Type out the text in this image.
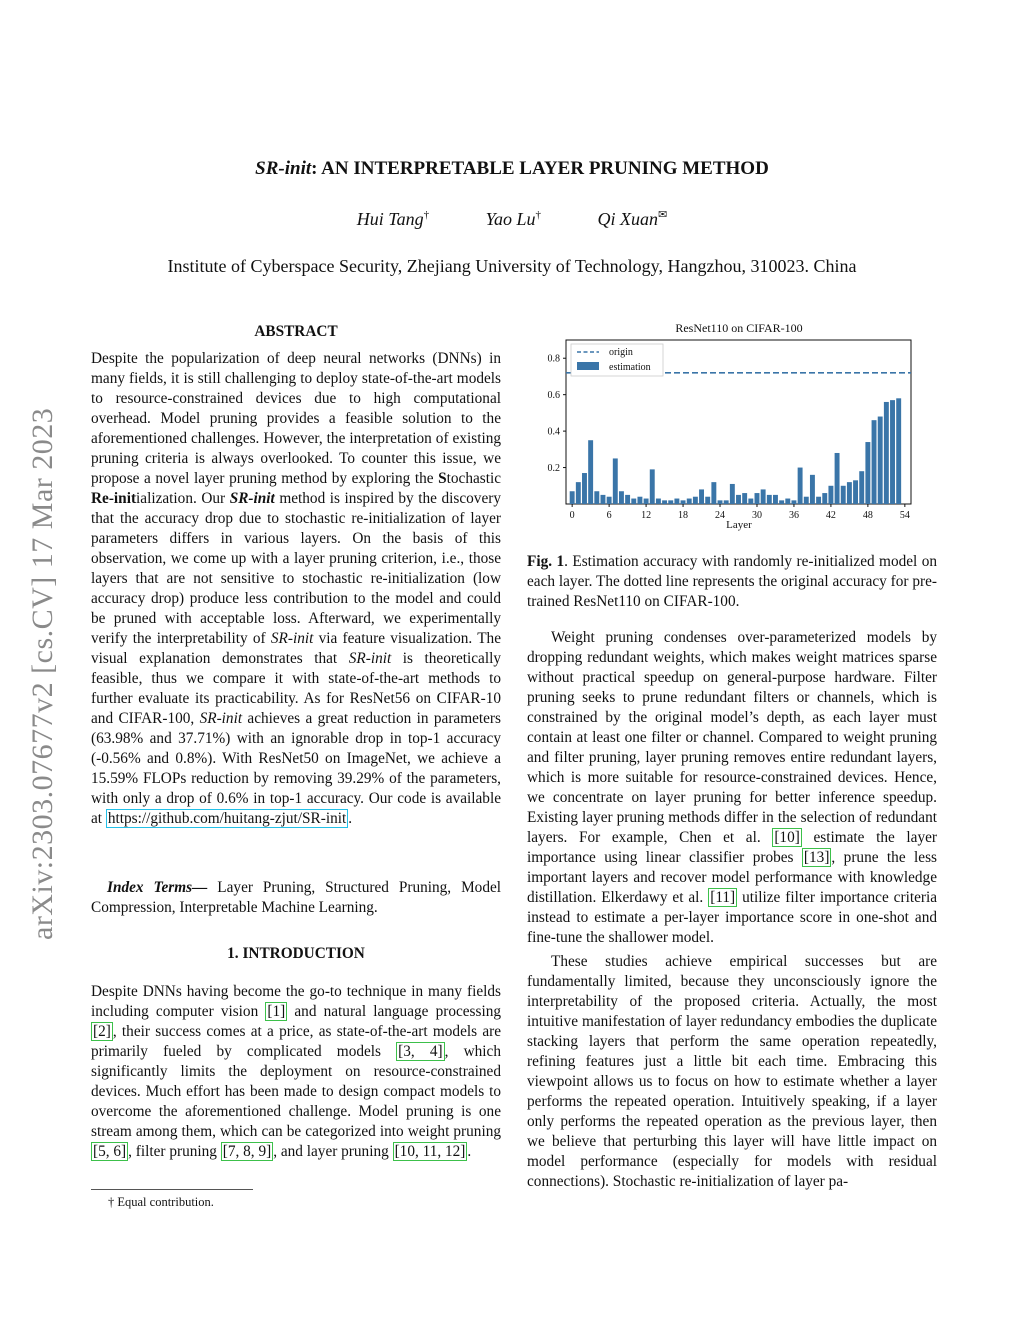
arXiv:2303.07677v2 [cs.CV] 17 Mar 2023
SR-init: AN INTERPRETABLE LAYER PRUNING METHOD
Hui Tang†	Yao Lu†	Qi Xuan✉
Institute of Cyberspace Security, Zhejiang University of Technology, Hangzhou, 310023. China
ABSTRACT

Despite the popularization of deep neural networks (DNNs) in many fields, it is still challenging to deploy state-of-the-art models to resource-constrained devices due to high computational overhead. Model pruning provides a feasible solution to the aforementioned challenges. However, the interpretation of existing pruning criteria is always overlooked. To counter this issue, we propose a novel layer pruning method by exploring the Stochastic Re-initialization. Our SR-init method is inspired by the discovery that the accuracy drop due to stochastic re-initialization of layer parameters differs in various layers. On the basis of this observation, we come up with a layer pruning criterion, i.e., those layers that are not sensitive to stochastic re-initialization (low accuracy drop) produce less contribution to the model and could be pruned with acceptable loss. Afterward, we experimentally verify the interpretability of SR-init via feature visualization. The visual explanation demonstrates that SR-init is theoretically feasible, thus we compare it with state-of-the-art methods to further evaluate its practicability. As for ResNet56 on CIFAR-10 and CIFAR-100, SR-init achieves a great reduction in parameters (63.98% and 37.71%) with an ignorable drop in top-1 accuracy (-0.56% and 0.8%). With ResNet50 on ImageNet, we achieve a 15.59% FLOPs reduction by removing 39.29% of the parameters, with only a drop of 0.6% in top-1 accuracy. Our code is available at https://github.com/huitang-zjut/SR-init .

Index Terms— Layer Pruning, Structured Pruning, Model Compression, Interpretable Machine Learning.

1. INTRODUCTION

Despite DNNs having become the go-to technique in many fields including computer vision [1] and natural language processing [2] , their success comes at a price, as state-of-the-art models are primarily fueled by complicated models [3, 4] , which significantly limits the deployment on resource-constrained devices. Much effort has been made to design compact models to overcome the aforementioned challenge. Model pruning is one stream among them, which can be categorized into weight pruning [5, 6] , filter pruning [7, 8, 9] , and layer pruning [10, 11, 12] .

† Equal contribution.
ResNet110 on CIFAR-100
0.2
0.4
0.6
0.8
0	6	12	18	24	30	36	42	48	54
Layer
origin
estimation

Fig. 1. Estimation accuracy with randomly re-initialized model on each layer. The dotted line represents the original accuracy for pre-trained ResNet110 on CIFAR-100.

Weight pruning condenses over-parameterized models by dropping redundant weights, which makes weight matrices sparse without practical speedup on general-purpose hardware. Filter pruning seeks to prune redundant filters or channels, which is constrained by the original model’s depth, as each layer must contain at least one filter or channel. Compared to weight pruning and filter pruning, layer pruning removes entire redundant layers, which is more suitable for resource-constrained devices. Hence, we concentrate on layer pruning for better inference speedup. Existing layer pruning methods differ in the selection of redundant layers. For example, Chen et al. [10] estimate the layer importance using linear classifier probes [13] , prune the less important layers and recover model performance with knowledge distillation. Elkerdawy et al. [11] utilize filter importance criteria instead to estimate a per-layer importance score in one-shot and fine-tune the shallower model.

These studies achieve empirical successes but are fundamentally limited, because they unconsciously ignore the interpretability of the proposed criteria. Actually, the most intuitive manifestation of layer redundancy embodies the duplicate stacking layers that perform the same operation repeatedly, refining features just a little bit each time. Embracing this viewpoint allows us to focus on how to estimate whether a layer performs the repeated operation. Intuitively speaking, if a layer only performs the repeated operation as the previous layer, then we believe that perturbing this layer will have little impact on model performance (especially for models with residual connections). Stochastic re-initialization of layer pa-
